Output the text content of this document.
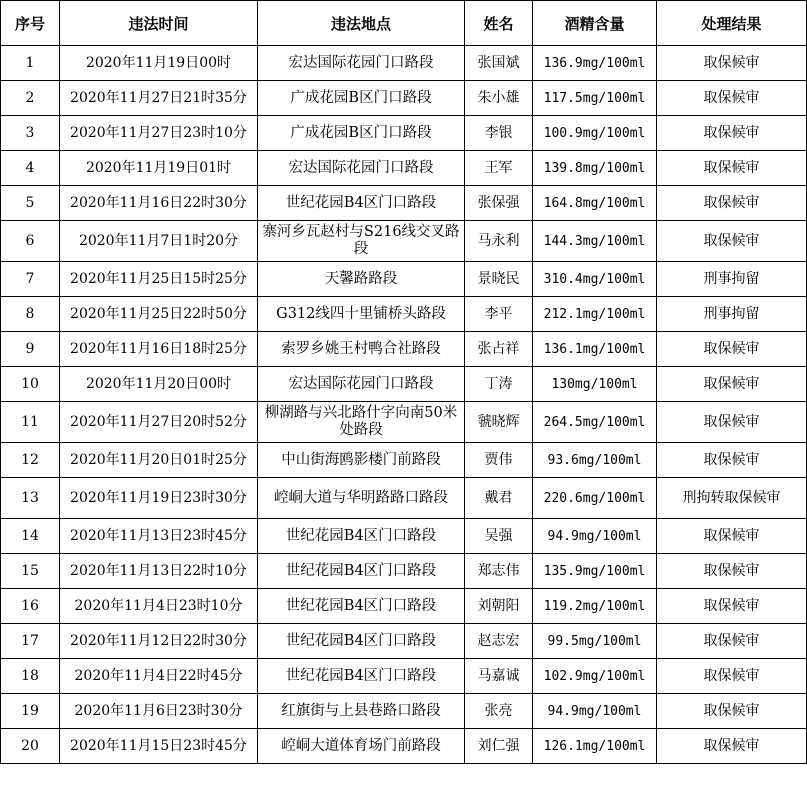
序号	违法时间	违法地点	姓名	酒精含量	处理结果
1	2020年11月19日00时	宏达国际花园门口路段	张国斌	136.9mg/100ml	取保候审
2	2020年11月27日21时35分	广成花园B区门口路段	朱小雄	117.5mg/100ml	取保候审
3	2020年11月27日23时10分	广成花园B区门口路段	李银	100.9mg/100ml	取保候审
4	2020年11月19日01时	宏达国际花园门口路段	王军	139.8mg/100ml	取保候审
5	2020年11月16日22时30分	世纪花园B4区门口路段	张保强	164.8mg/100ml	取保候审
6	2020年11月7日1时20分	寨河乡瓦赵村与S216线交叉路段	马永利	144.3mg/100ml	取保候审
7	2020年11月25日15时25分	天馨路路段	景晓民	310.4mg/100ml	刑事拘留
8	2020年11月25日22时50分	G312线四十里铺桥头路段	李平	212.1mg/100ml	刑事拘留
9	2020年11月16日18时25分	索罗乡姚王村鸭合社路段	张占祥	136.1mg/100ml	取保候审
10	2020年11月20日00时	宏达国际花园门口路段	丁涛	130mg/100ml	取保候审
11	2020年11月27日20时52分	柳湖路与兴北路什字向南50米处路段	虢晓辉	264.5mg/100ml	取保候审
12	2020年11月20日01时25分	中山街海鸥影楼门前路段	贾伟	93.6mg/100ml	取保候审
13	2020年11月19日23时30分	崆峒大道与华明路路口路段	戴君	220.6mg/100ml	刑拘转取保候审
14	2020年11月13日23时45分	世纪花园B4区门口路段	吴强	94.9mg/100ml	取保候审
15	2020年11月13日22时10分	世纪花园B4区门口路段	郑志伟	135.9mg/100ml	取保候审
16	2020年11月4日23时10分	世纪花园B4区门口路段	刘朝阳	119.2mg/100ml	取保候审
17	2020年11月12日22时30分	世纪花园B4区门口路段	赵志宏	99.5mg/100ml	取保候审
18	2020年11月4日22时45分	世纪花园B4区门口路段	马嘉诚	102.9mg/100ml	取保候审
19	2020年11月6日23时30分	红旗街与上县巷路口路段	张亮	94.9mg/100ml	取保候审
20	2020年11月15日23时45分	崆峒大道体育场门前路段	刘仁强	126.1mg/100ml	取保候审
